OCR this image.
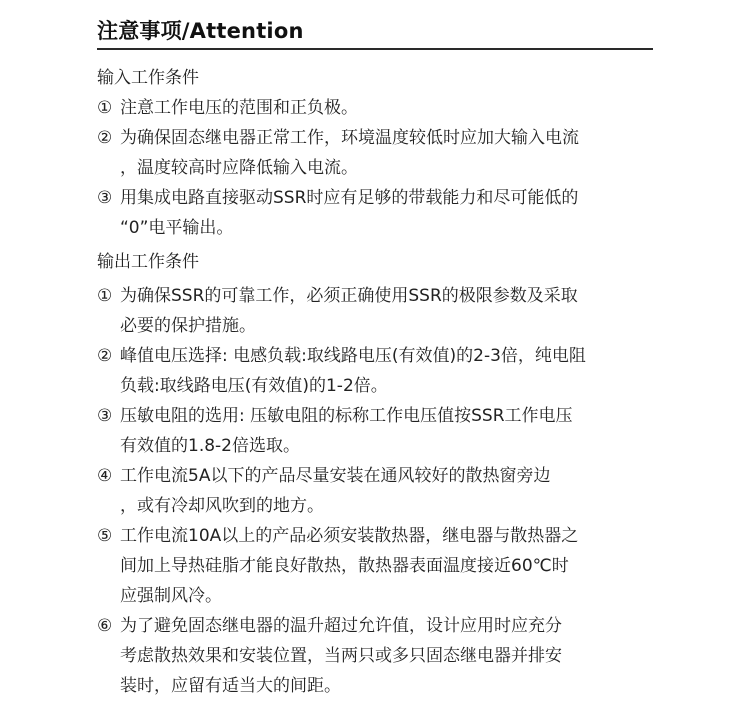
注意事项/Attention
输入工作条件
① 注意工作电压的范围和正负极。
② 为确保固态继电器正常工作，环境温度较低时应加大输入电流
，温度较高时应降低输入电流。
③ 用集成电路直接驱动SSR时应有足够的带载能力和尽可能低的
“0”电平输出。
输出工作条件
① 为确保SSR的可靠工作，必须正确使用SSR的极限参数及采取
必要的保护措施。
② 峰值电压选择: 电感负载:取线路电压(有效值)的2-3倍，纯电阻
负载:取线路电压(有效值)的1-2倍。
③ 压敏电阻的选用: 压敏电阻的标称工作电压值按SSR工作电压
有效值的1.8-2倍选取。
④ 工作电流5A以下的产品尽量安装在通风较好的散热窗旁边
，或有冷却风吹到的地方。
⑤ 工作电流10A以上的产品必须安装散热器，继电器与散热器之
间加上导热硅脂才能良好散热，散热器表面温度接近60℃时
应强制风冷。
⑥ 为了避免固态继电器的温升超过允许值，设计应用时应充分
考虑散热效果和安装位置，当两只或多只固态继电器并排安
装时，应留有适当大的间距。
